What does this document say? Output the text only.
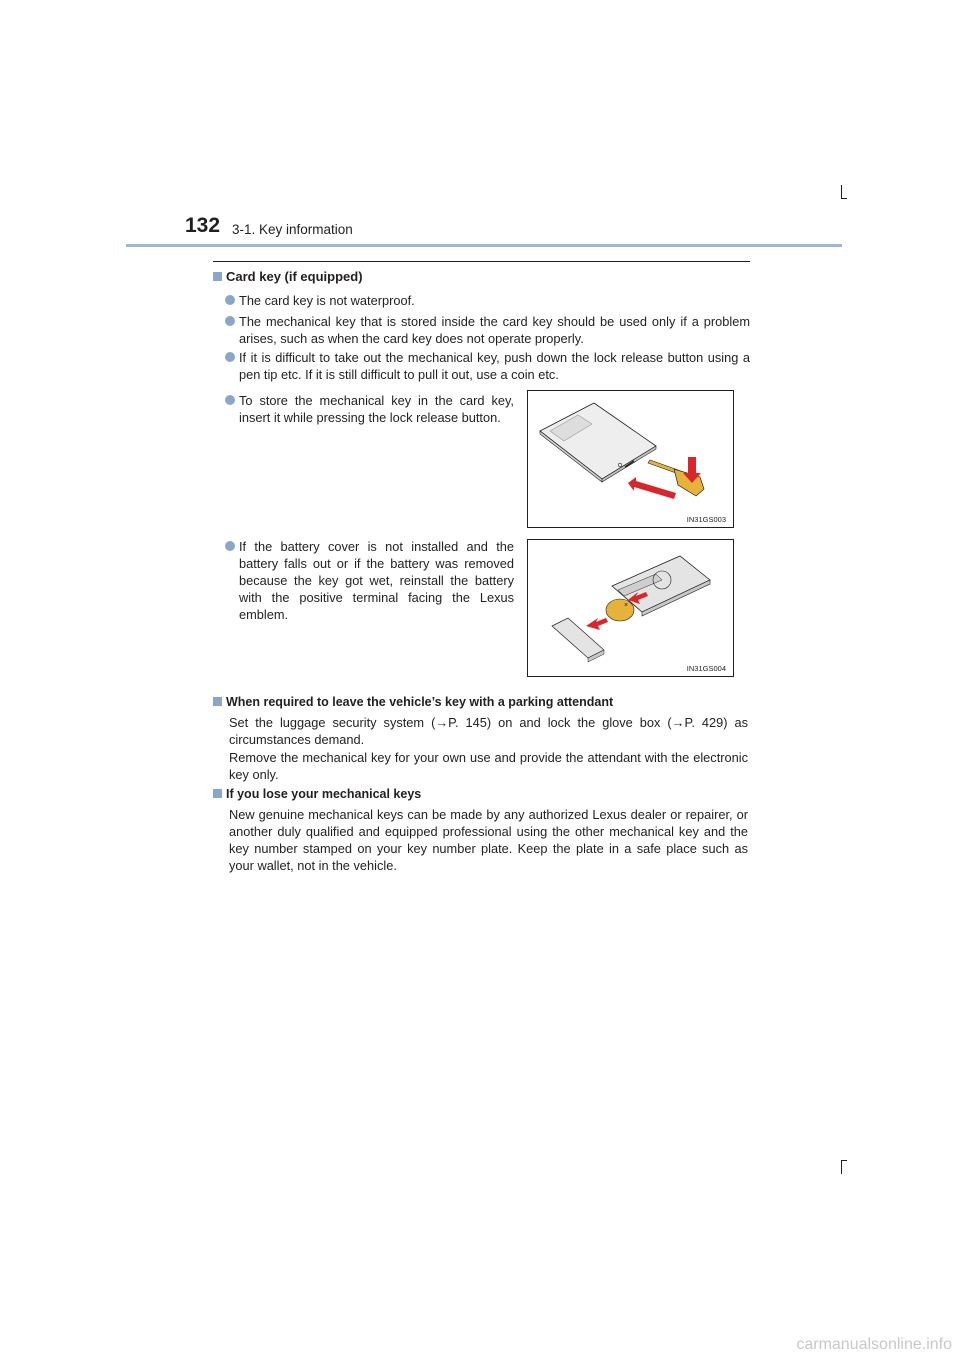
132 3-1. Key information
Card key (if equipped)
The card key is not waterproof.
The mechanical key that is stored inside the card key should be used only if a problem arises, such as when the card key does not operate properly.
If it is difficult to take out the mechanical key, push down the lock release button using a pen tip etc. If it is still difficult to pull it out, use a coin etc.
To store the mechanical key in the card key, insert it while pressing the lock release button.
If the battery cover is not installed and the battery falls out or if the battery was removed because the key got wet, reinstall the battery with the positive terminal facing the Lexus emblem.
IN31GS003
×
IN31GS004
When required to leave the vehicle’s key with a parking attendant
Set the luggage security system (→P. 145) on and lock the glove box (→P. 429) as circumstances demand.
Remove the mechanical key for your own use and provide the attendant with the electronic key only.
If you lose your mechanical keys
New genuine mechanical keys can be made by any authorized Lexus dealer or repairer, or another duly qualified and equipped professional using the other mechanical key and the key number stamped on your key number plate. Keep the plate in a safe place such as your wallet, not in the vehicle.
carmanualsonline.info
